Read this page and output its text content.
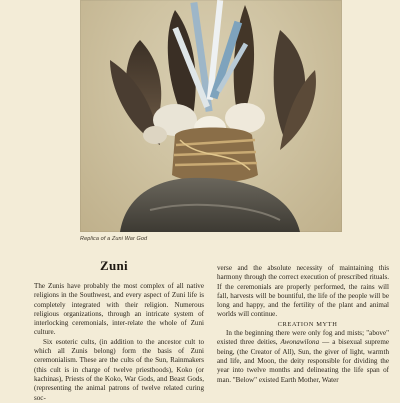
Replica of a Zuni War God
Zuni

The Zunis have probably the most complex of all native religions in the Southwest, and every aspect of Zuni life is completely integrated with their religion. Numerous religious organizations, through an intricate system of interlocking ceremonials, inter-relate the whole of Zuni culture.

Six esoteric cults, (in addition to the ancestor cult to which all Zunis belong) form the basis of Zuni ceremonialism. These are the cults of the Sun, Rainmakers (this cult is in charge of twelve priesthoods), Koko (or kachinas), Priests of the Koko, War Gods, and Beast Gods, (representing the animal patrons of twelve related curing soc-

verse and the absolute necessity of maintaining this harmony through the correct execution of prescribed rituals. If the ceremonials are properly performed, the rains will fall, harvests will be bountiful, the life of the people will be long and happy, and the fertility of the plant and animal worlds will continue.

CREATION MYTH

In the beginning there were only fog and mists; "above" existed three deities, Awonawilona — a bisexual supreme being, (the Creator of All), Sun, the giver of light, warmth and life, and Moon, the deity responsible for dividing the year into twelve months and delineating the life span of man. "Below" existed Earth Mother, Water
